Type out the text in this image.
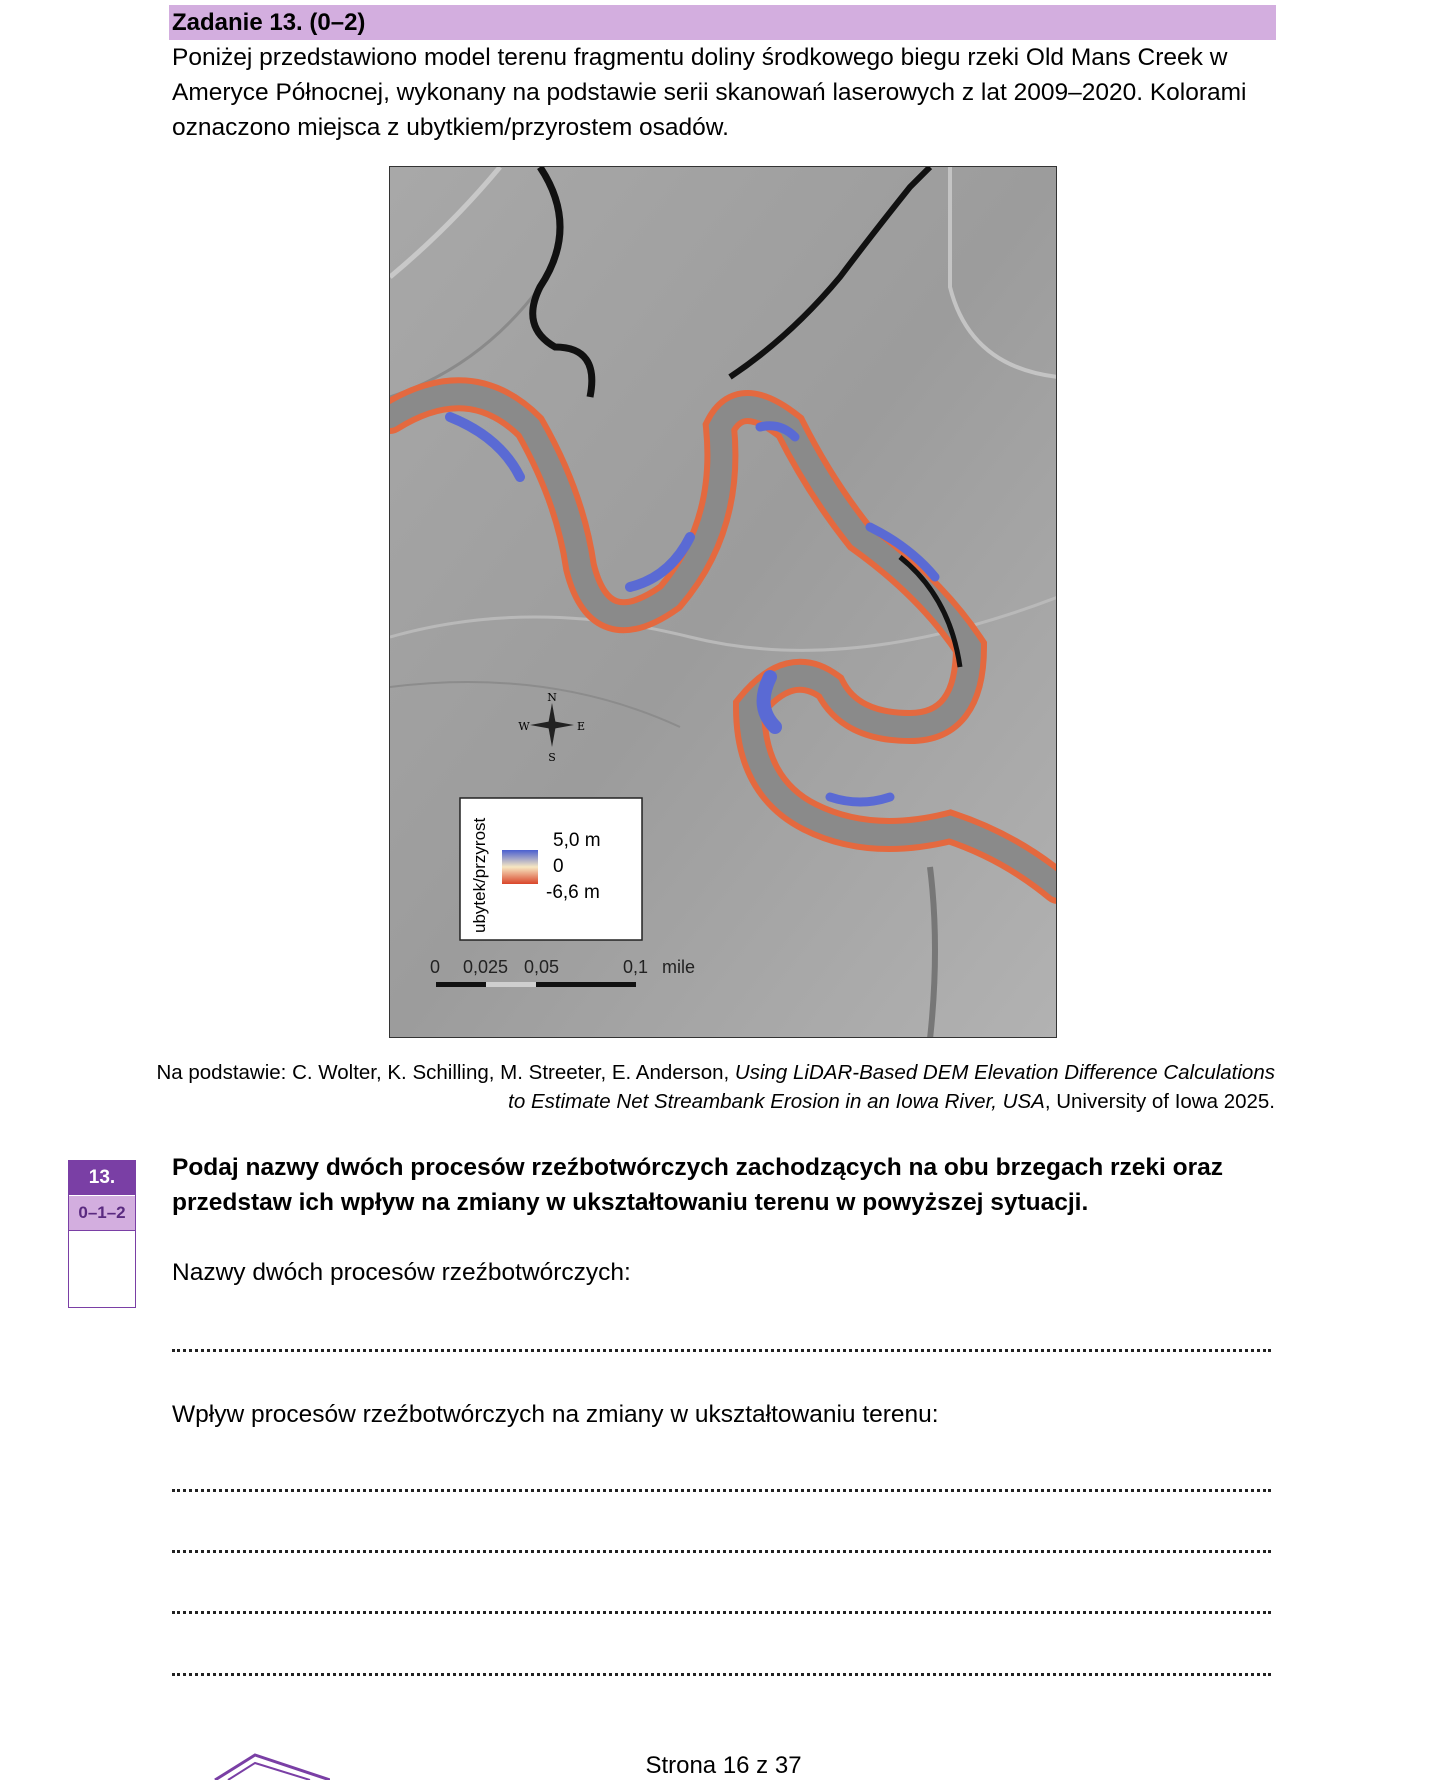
Zadanie 13. (0–2)
Poniżej przedstawiono model terenu fragmentu doliny środkowego biegu rzeki Old Mans Creek w Ameryce Północnej, wykonany na podstawie serii skanowań laserowych z lat 2009–2020. Kolorami oznaczono miejsca z ubytkiem/przyrostem osadów.
N
S
E
W
ubytek/przyrost	5,0 m
0
-6,6 m
0 0,025 0,05	0,1 mile
Na podstawie: C. Wolter, K. Schilling, M. Streeter, E. Anderson, Using LiDAR-Based DEM Elevation Difference Calculations to Estimate Net Streambank Erosion in an Iowa River, USA, University of Iowa 2025.
13.
0–1–2
Podaj nazwy dwóch procesów rzeźbotwórczych zachodzących na obu brzegach rzeki oraz przedstaw ich wpływ na zmiany w ukształtowaniu terenu w powyższej sytuacji.
Nazwy dwóch procesów rzeźbotwórczych:
Wpływ procesów rzeźbotwórczych na zmiany w ukształtowaniu terenu:
Strona 16 z 37
